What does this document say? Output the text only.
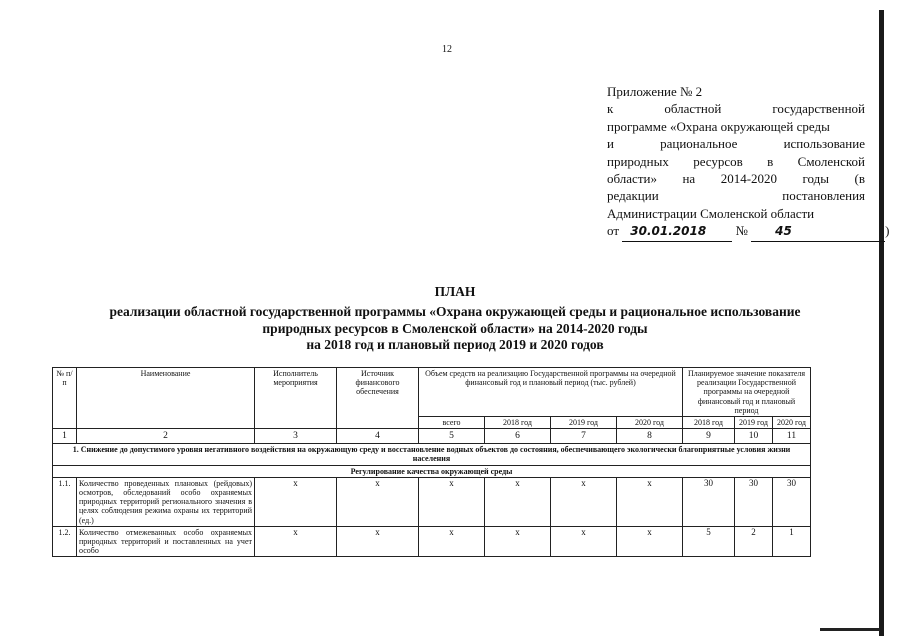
12
Приложение № 2
к областной государственной
программе «Охрана окружающей среды
и рациональное использование
природных ресурсов в Смоленской
области» на 2014-2020 годы (в
редакции постановления
Администрации Смоленской области
от 30.01.2018 № 45	)
ПЛАН
реализации областной государственной программы «Охрана окружающей среды и рациональное использование
природных ресурсов в Смоленской области» на 2014-2020 годы
на 2018 год и плановый период 2019 и 2020 годов
№ п/п	Наименование	Исполнитель мероприятия	Источник финансового обеспечения	Объем средств на реализацию Государственной программы на очередной финансовый год и плановый период (тыс. рублей)				Планируемое значение показателя реализации Государственной программы на очередной финансовый год и плановый период		
				всего	2018 год	2019 год	2020 год	2018 год	2019 год	2020 год
1	2	3	4	5	6	7	8	9	10	11
1. Снижение до допустимого уровня негативного воздействия на окружающую среду и восстановление водных объектов до состояния, обеспечивающего экологически благоприятные условия жизни населения										
Регулирование качества окружающей среды										
1.1.	Количество проведенных плановых (рейдовых) осмотров, обследований особо охраняемых природных территорий регионального значения в целях соблюдения режима охраны их территорий (ед.)	х	х	х	х	х	х	30	30	30
1.2.	Количество отмежеванных особо охраняемых природных территорий и поставленных на учет особо	х	х	х	х	х	х	5	2	1
